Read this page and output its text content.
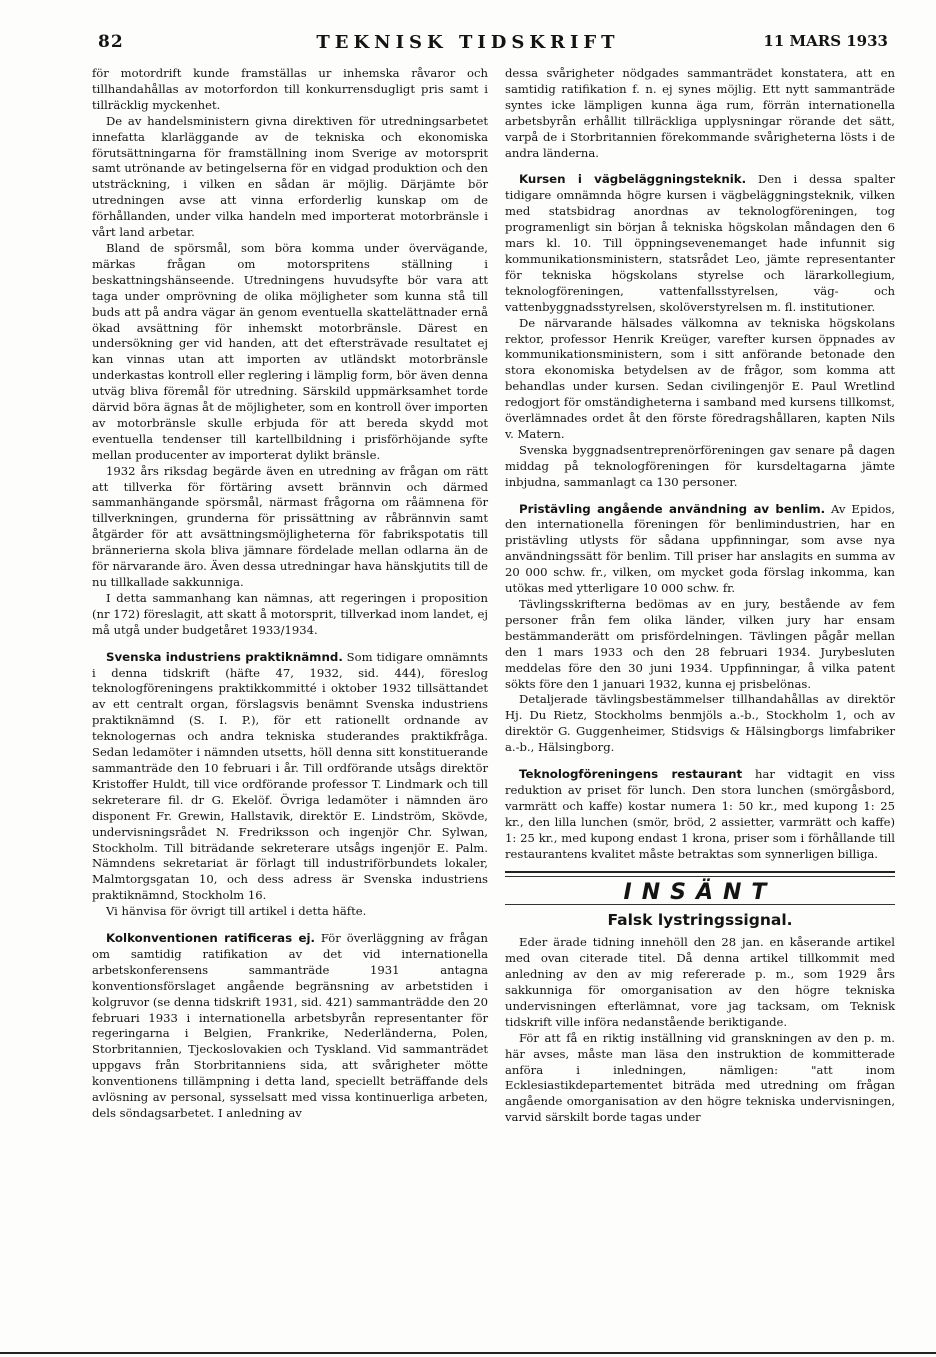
82	TEKNISK TIDSKRIFT	11 MARS 1933

för motordrift kunde framställas ur inhemska råvaror och tillhandahållas av motorfordon till konkurrensdugligt pris samt i tillräcklig myckenhet.

De av handelsministern givna direktiven för utredningsarbetet innefatta klarläggande av de tekniska och ekonomiska förutsättningarna för framställning inom Sverige av motorsprit samt utrönande av betingelserna för en vidgad produktion och den utsträckning, i vilken en sådan är möjlig. Därjämte bör utredningen avse att vinna erforderlig kunskap om de förhållanden, under vilka handeln med importerat motorbränsle i vårt land arbetar.

Bland de spörsmål, som böra komma under övervägande, märkas frågan om motorspritens ställning i beskattningshänseende. Utredningens huvudsyfte bör vara att taga under omprövning de olika möjligheter som kunna stå till buds att på andra vägar än genom eventuella skattelättnader ernå ökad avsättning för inhemskt motorbränsle. Därest en undersökning ger vid handen, att det eftersträvade resultatet ej kan vinnas utan att importen av utländskt motorbränsle underkastas kontroll eller reglering i lämplig form, bör även denna utväg bliva föremål för utredning. Särskild uppmärksamhet torde därvid böra ägnas åt de möjligheter, som en kontroll över importen av motorbränsle skulle erbjuda för att bereda skydd mot eventuella tendenser till kartellbildning i prisförhöjande syfte mellan producenter av importerat dylikt bränsle.

1932 års riksdag begärde även en utredning av frågan om rätt att tillverka för förtäring avsett brännvin och därmed sammanhängande spörsmål, närmast frågorna om råämnena för tillverkningen, grunderna för prissättning av råbrännvin samt åtgärder för att avsättningsmöjligheterna för fabrikspotatis till brännerierna skola bliva jämnare fördelade mellan odlarna än de för närvarande äro. Även dessa utredningar hava hänskjutits till de nu tillkallade sakkunniga.

I detta sammanhang kan nämnas, att regeringen i proposition (nr 172) föreslagit, att skatt å motorsprit, tillverkad inom landet, ej må utgå under budgetåret 1933/1934.

Svenska industriens praktiknämnd. Som tidigare omnämnts i denna tidskrift (häfte 47, 1932, sid. 444), föreslog teknologföreningens praktikkommitté i oktober 1932 tillsättandet av ett centralt organ, förslagsvis benämnt Svenska industriens praktiknämnd (S. I. P.), för ett rationellt ordnande av teknologernas och andra tekniska studerandes praktikfråga. Sedan ledamöter i nämnden utsetts, höll denna sitt konstituerande sammanträde den 10 februari i år. Till ordförande utsågs direktör Kristoffer Huldt, till vice ordförande professor T. Lindmark och till sekreterare fil. dr G. Ekelöf. Övriga ledamöter i nämnden äro disponent Fr. Grewin, Hallstavik, direktör E. Lindström, Skövde, undervisningsrådet N. Fredriksson och ingenjör Chr. Sylwan, Stockholm. Till biträdande sekreterare utsågs ingenjör E. Palm. Nämndens sekretariat är förlagt till industriförbundets lokaler, Malmtorgsgatan 10, och dess adress är Svenska industriens praktiknämnd, Stockholm 16.

Vi hänvisa för övrigt till artikel i detta häfte.

Kolkonventionen ratificeras ej. För överläggning av frågan om samtidig ratifikation av det vid internationella arbetskonferensens sammanträde 1931 antagna konventionsförslaget angående begränsning av arbetstiden i kolgruvor (se denna tidskrift 1931, sid. 421) sammanträdde den 20 februari 1933 i internationella arbetsbyrån representanter för regeringarna i Belgien, Frankrike, Nederländerna, Polen, Storbritannien, Tjeckoslovakien och Tyskland. Vid sammanträdet uppgavs från Storbritanniens sida, att svårigheter mötte konventionens tillämpning i detta land, speciellt beträffande dels avlösning av personal, sysselsatt med vissa kontinuerliga arbeten, dels söndagsarbetet. I anledning av

dessa svårigheter nödgades sammanträdet konstatera, att en samtidig ratifikation f. n. ej synes möjlig. Ett nytt sammanträde syntes icke lämpligen kunna äga rum, förrän internationella arbetsbyrån erhållit tillräckliga upplysningar rörande det sätt, varpå de i Storbritannien förekommande svårigheterna lösts i de andra länderna.

Kursen i vägbeläggningsteknik. Den i dessa spalter tidigare omnämnda högre kursen i vägbeläggningsteknik, vilken med statsbidrag anordnas av teknologföreningen, tog programenligt sin början å tekniska högskolan måndagen den 6 mars kl. 10. Till öppningsevenemanget hade infunnit sig kommunikationsministern, statsrådet Leo, jämte representanter för tekniska högskolans styrelse och lärarkollegium, teknologföreningen, vattenfallsstyrelsen, väg- och vattenbyggnadsstyrelsen, skolöverstyrelsen m. fl. institutioner.

De närvarande hälsades välkomna av tekniska högskolans rektor, professor Henrik Kreüger, varefter kursen öppnades av kommunikationsministern, som i sitt anförande betonade den stora ekonomiska betydelsen av de frågor, som komma att behandlas under kursen. Sedan civilingenjör E. Paul Wretlind redogjort för omständigheterna i samband med kursens tillkomst, överlämnades ordet åt den förste föredragshållaren, kapten Nils v. Matern.

Svenska byggnadsentreprenörföreningen gav senare på dagen middag på teknologföreningen för kursdeltagarna jämte inbjudna, sammanlagt ca 130 personer.

Pristävling angående användning av benlim. Av Epidos, den internationella föreningen för benlimindustrien, har en pristävling utlysts för sådana uppfinningar, som avse nya användningssätt för benlim. Till priser har anslagits en summa av 20 000 schw. fr., vilken, om mycket goda förslag inkomma, kan utökas med ytterligare 10 000 schw. fr.

Tävlingsskrifterna bedömas av en jury, bestående av fem personer från fem olika länder, vilken jury har ensam bestämmanderätt om prisfördelningen. Tävlingen pågår mellan den 1 mars 1933 och den 28 februari 1934. Jurybesluten meddelas före den 30 juni 1934. Uppfinningar, å vilka patent sökts före den 1 januari 1932, kunna ej prisbelönas.

Detaljerade tävlingsbestämmelser tillhandahållas av direktör Hj. Du Rietz, Stockholms benmjöls a.-b., Stockholm 1, och av direktör G. Guggenheimer, Stidsvigs & Hälsingborgs limfabriker a.-b., Hälsingborg.

Teknologföreningens restaurant har vidtagit en viss reduktion av priset för lunch. Den stora lunchen (smörgåsbord, varmrätt och kaffe) kostar numera 1: 50 kr., med kupong 1: 25 kr., den lilla lunchen (smör, bröd, 2 assietter, varmrätt och kaffe) 1: 25 kr., med kupong endast 1 krona, priser som i förhållande till restaurantens kvalitet måste betraktas som synnerligen billiga.

INSÄNT
Falsk lystringssignal.

Eder ärade tidning innehöll den 28 jan. en kåserande artikel med ovan citerade titel. Då denna artikel tillkommit med anledning av den av mig refererade p. m., som 1929 års sakkunniga för omorganisation av den högre tekniska undervisningen efterlämnat, vore jag tacksam, om Teknisk tidskrift ville införa nedanstående beriktigande.

För att få en riktig inställning vid granskningen av den p. m. här avses, måste man läsa den instruktion de kommitterade anföra i inledningen, nämligen: "att inom Ecklesiastikdepartementet biträda med utredning om frågan angående omorganisation av den högre tekniska undervisningen, varvid särskilt borde tagas under
